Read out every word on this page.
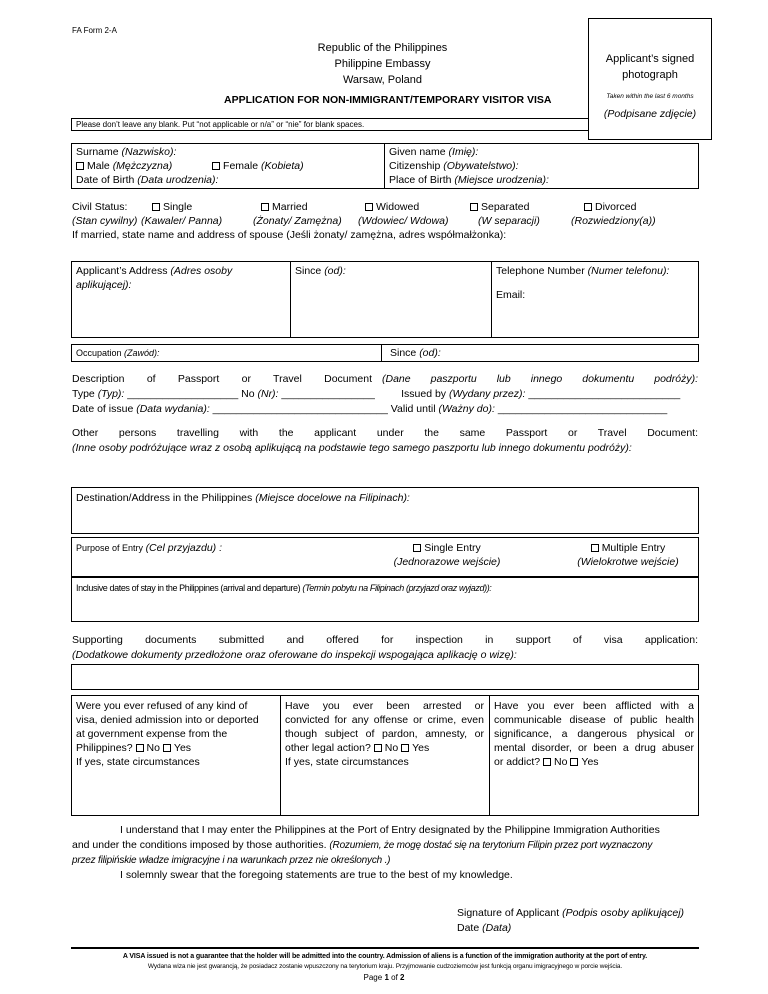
FA Form 2-A
Republic of the Philippines
Philippine Embassy
Warsaw, Poland
APPLICATION FOR NON-IMMIGRANT/TEMPORARY VISITOR VISA
Applicant’s signed
photograph
Taken within the last 6 months
(Podpisane zdjęcie)
Please don’t leave any blank. Put “not applicable or n/a” or “nie” for blank spaces.
Surname (Nazwisko):
Male (Mężczyzna)	Female (Kobieta)
Date of Birth (Data urodzenia):
Given name (Imię):
Citizenship (Obywatelstwo):
Place of Birth (Miejsce urodzenia):
Civil Status:	Single	Married	Widowed	Separated	Divorced
(Stan cywilny) (Kawaler/ Panna)	(Żonaty/ Zamężna) (Wdowiec/ Wdowa)	(W separacji)	(Rozwiedziony(a))
If married, state name and address of spouse (Jeśli żonaty/ zamężna, adres współmałżonka):
Applicant’s Address (Adres osoby aplikującej):
Since (od):	Telephone Number (Numer telefonu):
Email:
Occupation (Zawód):	Since (od):
Description of Passport or Travel Document (Dane paszportu lub innego dokumentu podróży):
Type (Typ): ___________________ No (Nr): ________________	Issued by (Wydany przez): __________________________
Date of issue (Data wydania): ______________________________ Valid until (Ważny do): _____________________________
Other persons travelling with the applicant under the same Passport or Travel Document:
(Inne osoby podróżujące wraz z osobą aplikującą na podstawie tego samego paszportu lub innego dokumentu podróży):
Destination/Address in the Philippines (Miejsce docelowe na Filipinach):
Purpose of Entry (Cel przyjazdu) :	Single Entry
(Jednorazowe wejście)
Multiple Entry
(Wielokrotwe wejście)
Inclusive dates of stay in the Philippines (arrival and departure) (Termin pobytu na Filipinach (przyjazd oraz wyjazd)):
Supporting documents submitted and offered for inspection in support of visa application:
(Dodatkowe dokumenty przedłożone oraz oferowane do inspekcji wspogająca aplikację o wizę):
Were you ever refused of any kind of
visa, denied admission into or deported
at government expense from the
Philippines? No Yes
If yes, state circumstances
Have you ever been arrested or
convicted for any offense or crime, even
though subject of pardon, amnesty, or
other legal action? No Yes
If yes, state circumstances
Have you ever been afflicted with a
communicable disease of public health
significance, a dangerous physical or
mental disorder, or been a drug abuser
or addict? No Yes
I understand that I may enter the Philippines at the Port of Entry designated by the Philippine Immigration Authorities
and under the conditions imposed by those authorities. (Rozumiem, że mogę dostać się na terytorium Filipin przez port wyznaczony
przez filipińskie władze imigracyjne i na warunkach przez nie określonych .)
I solemnly swear that the foregoing statements are true to the best of my knowledge.
Signature of Applicant (Podpis osoby aplikującej)
Date (Data)
A VISA issued is not a guarantee that the holder will be admitted into the country. Admission of aliens is a function of the immigration authority at the port of entry.
Wydana wiza nie jest gwarancją, że posiadacz zostanie wpuszczony na terytorium kraju. Przyjmowanie cudzoziemców jest funkcją organu imigracyjnego w porcie wejścia.
Page 1 of 2
